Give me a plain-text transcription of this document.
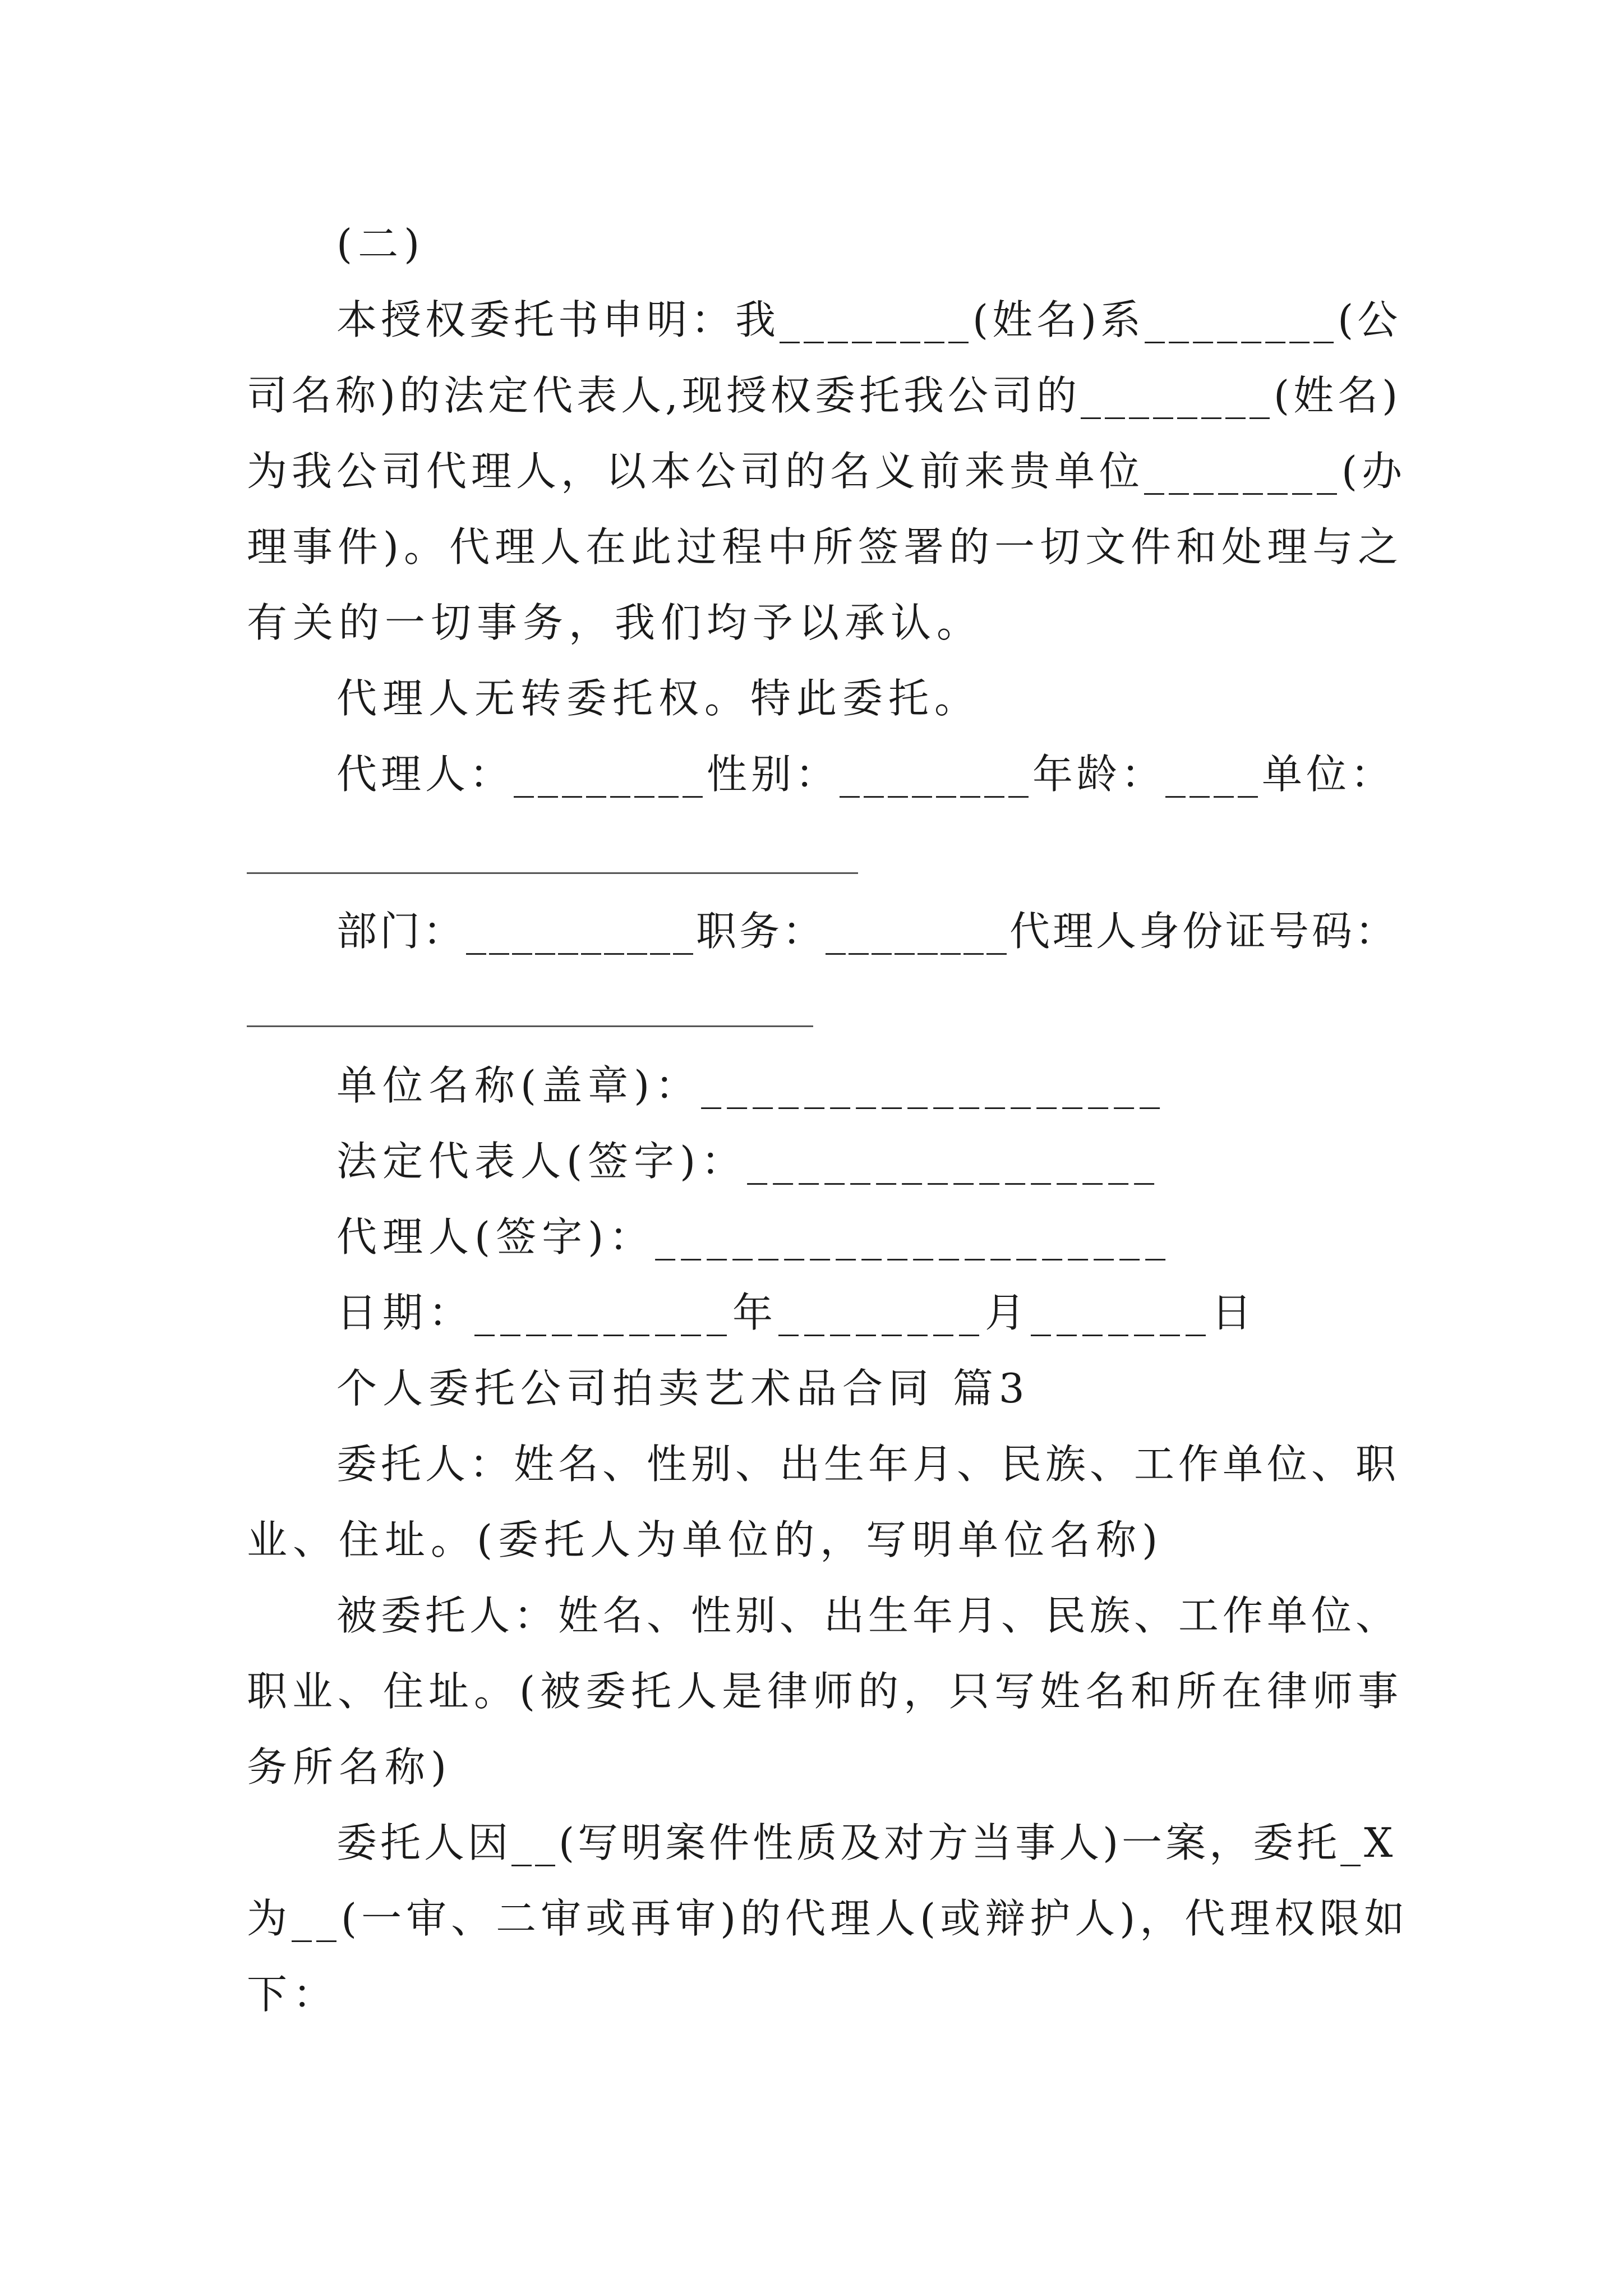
(二)
本授权委托书申明：我________(姓名)系________(公
司名称)的法定代表人,现授权委托我公司的________(姓名)
为我公司代理人，以本公司的名义前来贵单位________(办
理事件)。代理人在此过程中所签署的一切文件和处理与之
有关的一切事务，我们均予以承认。
代理人无转委托权。特此委托。
代理人：________性别：________年龄：____单位：
部门：__________职务：________代理人身份证号码：
单位名称(盖章)：__________________
法定代表人(签字)：________________
代理人(签字)：____________________
日期：__________年________月_______日
个人委托公司拍卖艺术品合同 篇3
委托人：姓名、性别、出生年月、民族、工作单位、职
业、住址。(委托人为单位的，写明单位名称)
被委托人：姓名、性别、出生年月、民族、工作单位、
职业、住址。(被委托人是律师的，只写姓名和所在律师事
务所名称)
委托人因__(写明案件性质及对方当事人)一案，委托_X
为__(一审、二审或再审)的代理人(或辩护人)，代理权限如
下：
